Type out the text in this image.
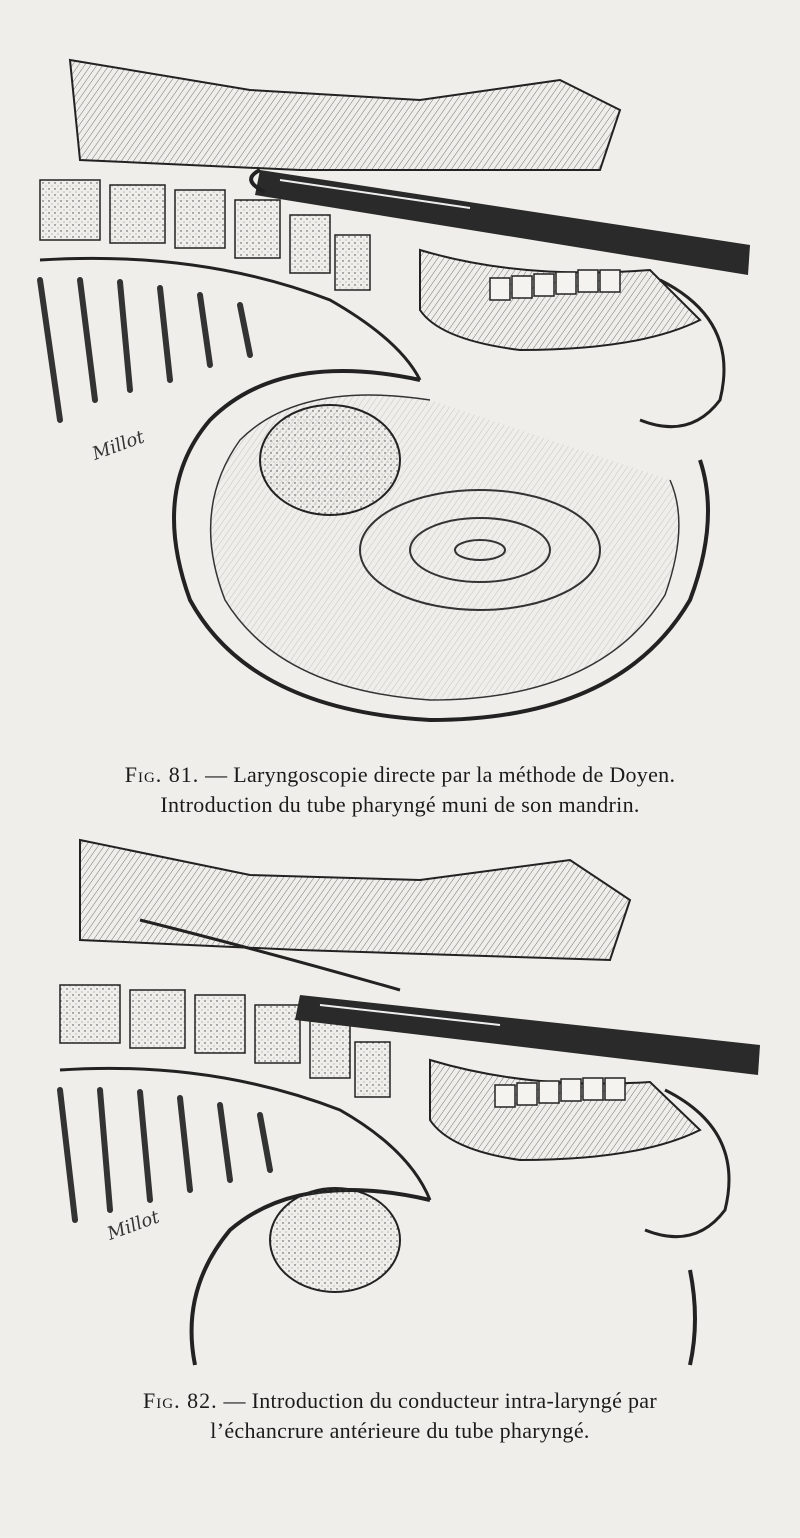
Millot
Fig. 81. — Laryngoscopie directe par la méthode de Doyen.
Introduction du tube pharyngé muni de son mandrin.
Millot
Fig. 82. — Introduction du conducteur intra-laryngé par
l’échancrure antérieure du tube pharyngé.
